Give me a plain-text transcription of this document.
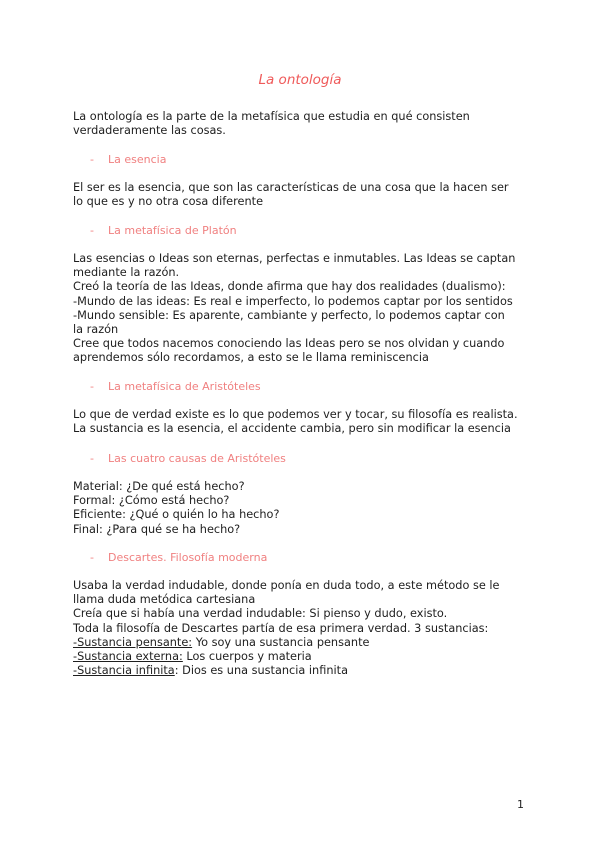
La ontología
La ontología es la parte de la metafísica que estudia en qué consisten
verdaderamente las cosas.
- La esencia
El ser es la esencia, que son las características de una cosa que la hacen ser
lo que es y no otra cosa diferente
- La metafísica de Platón
Las esencias o Ideas son eternas, perfectas e inmutables. Las Ideas se captan
mediante la razón.
Creó la teoría de las Ideas, donde afirma que hay dos realidades (dualismo):
-Mundo de las ideas: Es real e imperfecto, lo podemos captar por los sentidos
-Mundo sensible: Es aparente, cambiante y perfecto, lo podemos captar con
la razón
Cree que todos nacemos conociendo las Ideas pero se nos olvidan y cuando
aprendemos sólo recordamos, a esto se le llama reminiscencia
- La metafísica de Aristóteles
Lo que de verdad existe es lo que podemos ver y tocar, su filosofía es realista.
La sustancia es la esencia, el accidente cambia, pero sin modificar la esencia
- Las cuatro causas de Aristóteles
Material: ¿De qué está hecho?
Formal: ¿Cómo está hecho?
Eficiente: ¿Qué o quién lo ha hecho?
Final: ¿Para qué se ha hecho?
- Descartes. Filosofía moderna
Usaba la verdad indudable, donde ponía en duda todo, a este método se le
llama duda metódica cartesiana
Creía que si había una verdad indudable: Si pienso y dudo, existo.
Toda la filosofía de Descartes partía de esa primera verdad. 3 sustancias:
-Sustancia pensante: Yo soy una sustancia pensante
-Sustancia externa: Los cuerpos y materia
-Sustancia infinita: Dios es una sustancia infinita
1
